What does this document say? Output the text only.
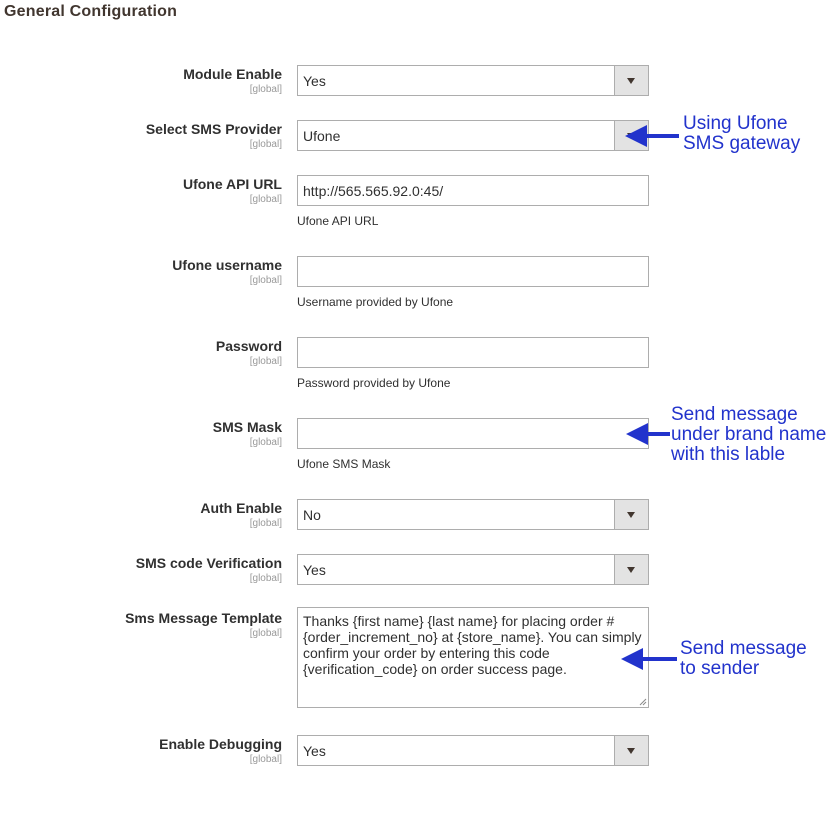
General Configuration
Module Enable
[global]
Yes
Select SMS Provider
[global]
Ufone
Ufone API URL
[global]
http://565.565.92.0:45/
Ufone API URL
Ufone username
[global]
Username provided by Ufone
Password
[global]
Password provided by Ufone
SMS Mask
[global]
Ufone SMS Mask
Auth Enable
[global]
No
SMS code Verification
[global]
Yes
Sms Message Template
[global]
Thanks {first name} {last name} for placing order # {order_increment_no} at {store_name}. You can simply confirm your order by entering this code {verification_code} on order success page.
Enable Debugging
[global]
Yes
Using Ufone
SMS gateway
Send message
under brand name
with this lable
Send message
to sender
